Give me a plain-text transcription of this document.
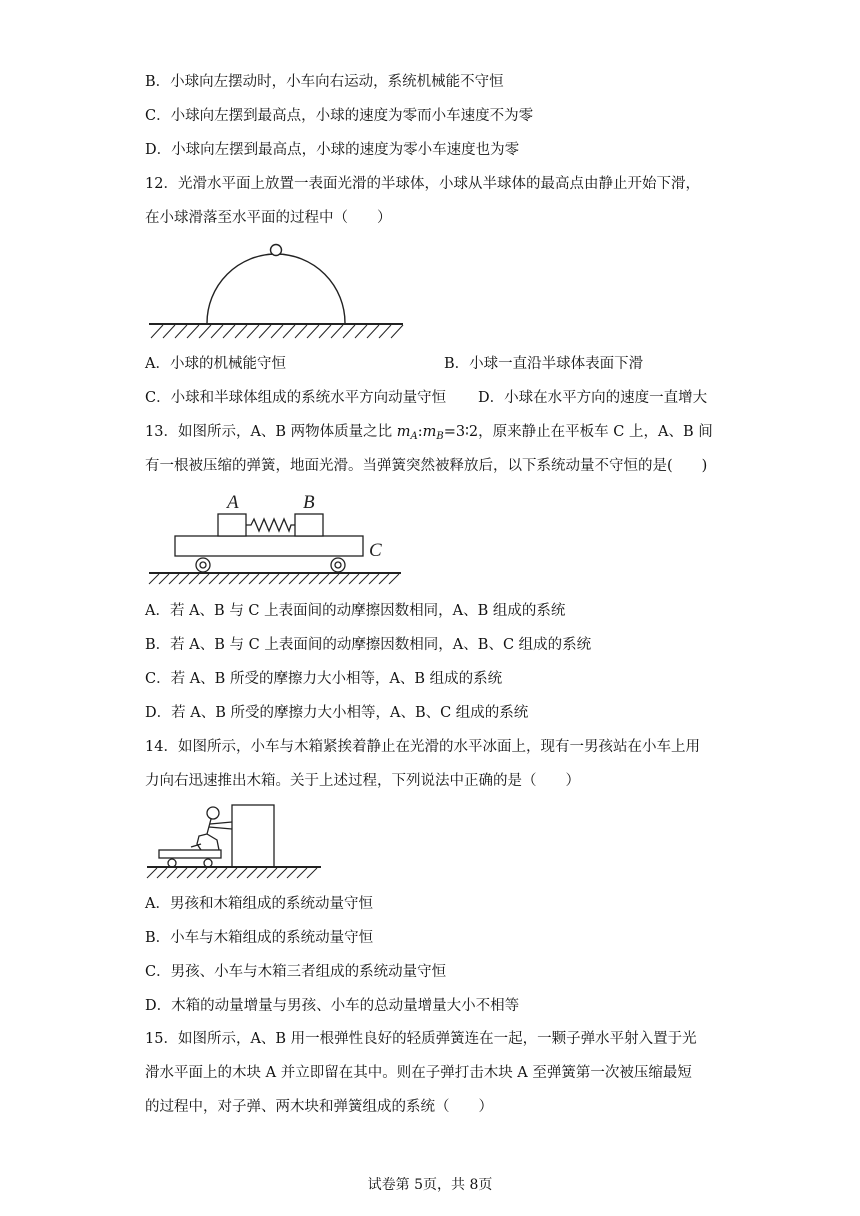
B．小球向左摆动时，小车向右运动，系统机械能不守恒
C．小球向左摆到最高点，小球的速度为零而小车速度不为零
D．小球向左摆到最高点，小球的速度为零小车速度也为零
12．光滑水平面上放置一表面光滑的半球体，小球从半球体的最高点由静止开始下滑，
在小球滑落至水平面的过程中（　　）
A．小球的机械能守恒	B．小球一直沿半球体表面下滑
C．小球和半球体组成的系统水平方向动量守恒 D．小球在水平方向的速度一直增大
13．如图所示，A、B 两物体质量之比 $m_A:m_B=3∶2$，原来静止在平板车 C 上，A、B 间
有一根被压缩的弹簧，地面光滑。当弹簧突然被释放后，以下系统动量不守恒的是(　　)
A	B
C
A．若 A、B 与 C 上表面间的动摩擦因数相同，A、B 组成的系统
B．若 A、B 与 C 上表面间的动摩擦因数相同，A、B、C 组成的系统
C．若 A、B 所受的摩擦力大小相等，A、B 组成的系统
D．若 A、B 所受的摩擦力大小相等，A、B、C 组成的系统
14．如图所示，小车与木箱紧挨着静止在光滑的水平冰面上，现有一男孩站在小车上用
力向右迅速推出木箱。关于上述过程，下列说法中正确的是（　　）
A．男孩和木箱组成的系统动量守恒
B．小车与木箱组成的系统动量守恒
C．男孩、小车与木箱三者组成的系统动量守恒
D．木箱的动量增量与男孩、小车的总动量增量大小不相等
15．如图所示，A、B 用一根弹性良好的轻质弹簧连在一起，一颗子弹水平射入置于光
滑水平面上的木块 A 并立即留在其中。则在子弹打击木块 A 至弹簧第一次被压缩最短
的过程中，对子弹、两木块和弹簧组成的系统（　　）
试卷第 5页，共 8页
